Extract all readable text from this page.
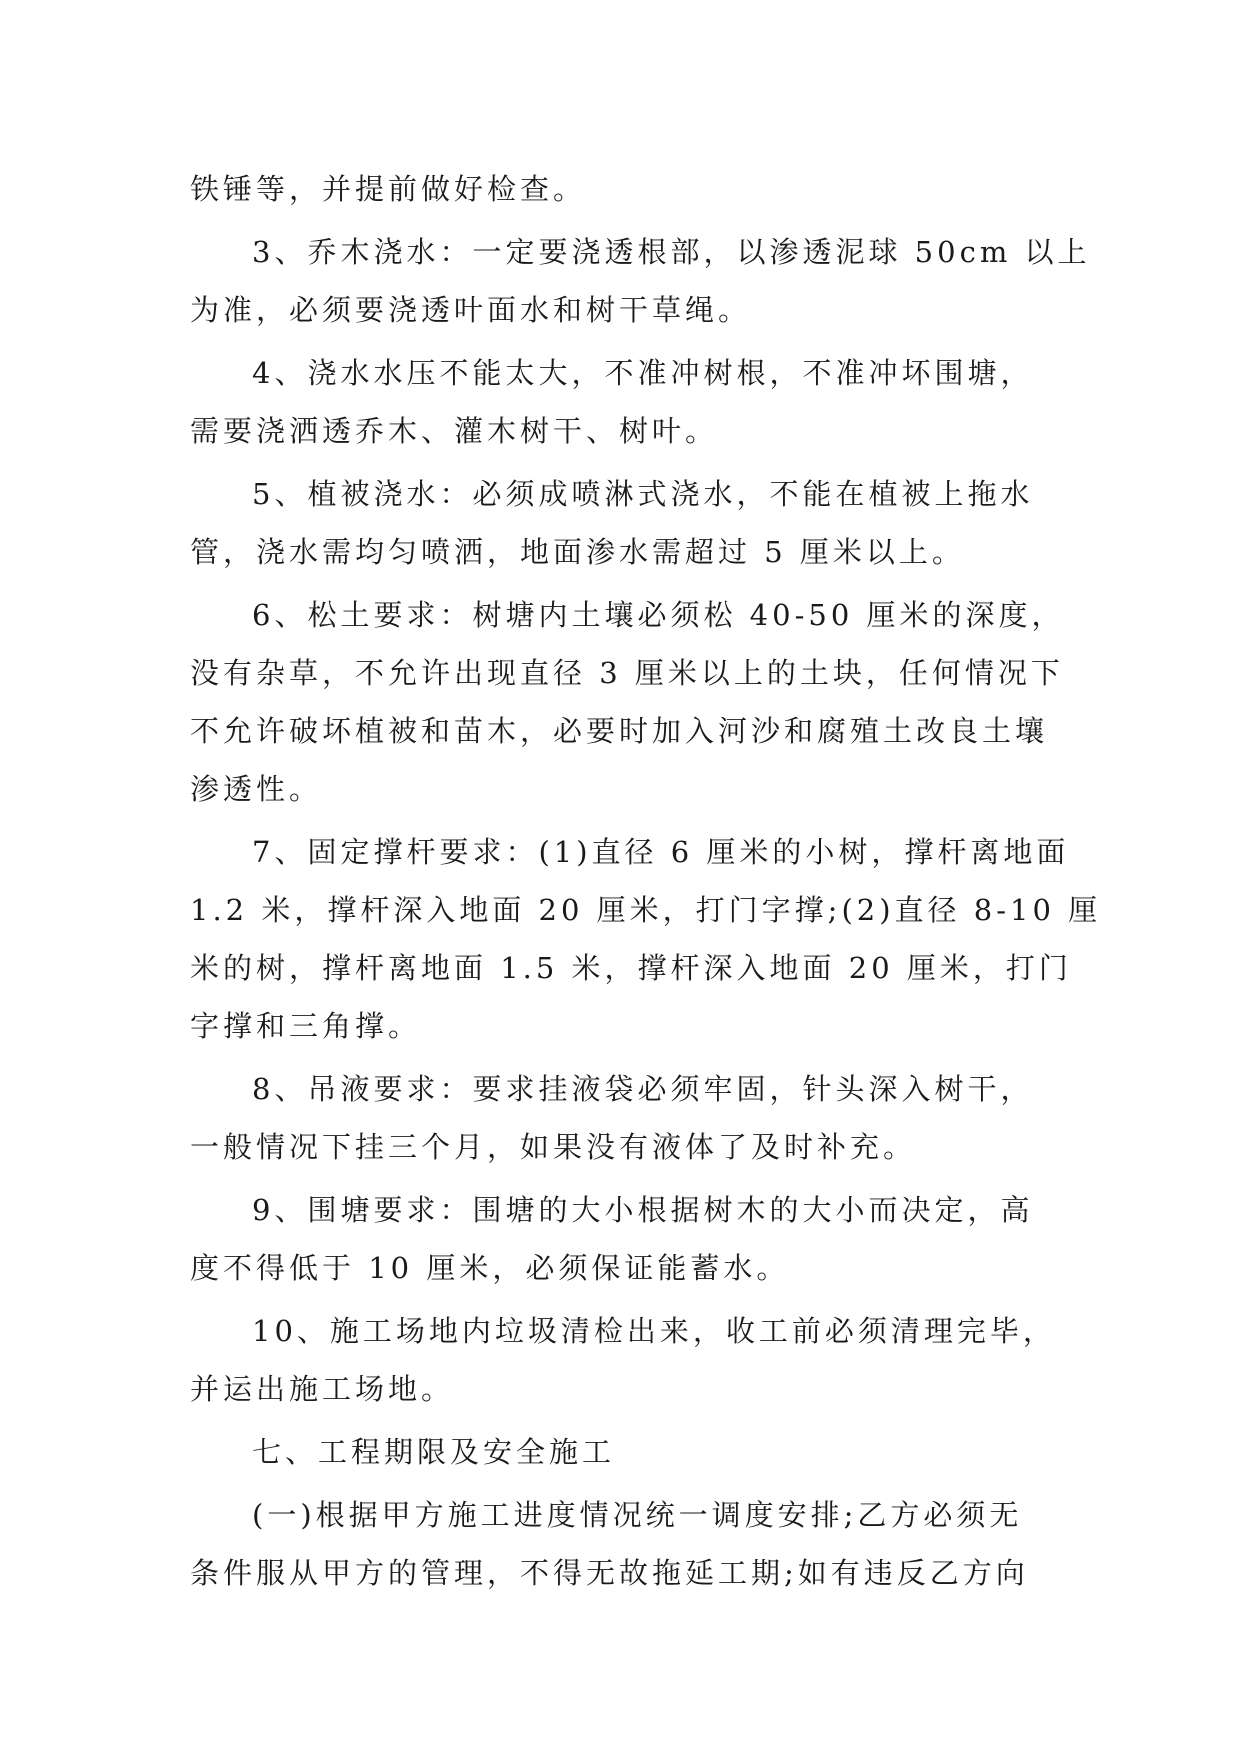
铁锤等，并提前做好检查。
3、乔木浇水：一定要浇透根部，以渗透泥球 50cm 以上
为准，必须要浇透叶面水和树干草绳。
4、浇水水压不能太大，不准冲树根，不准冲坏围塘，
需要浇洒透乔木、灌木树干、树叶。
5、植被浇水：必须成喷淋式浇水，不能在植被上拖水
管，浇水需均匀喷洒，地面渗水需超过 5 厘米以上。
6、松土要求：树塘内土壤必须松 40-50 厘米的深度，
没有杂草，不允许出现直径 3 厘米以上的土块，任何情况下
不允许破坏植被和苗木，必要时加入河沙和腐殖土改良土壤
渗透性。
7、固定撑杆要求：(1)直径 6 厘米的小树，撑杆离地面
1.2 米，撑杆深入地面 20 厘米，打门字撑;(2)直径 8-10 厘
米的树，撑杆离地面 1.5 米，撑杆深入地面 20 厘米，打门
字撑和三角撑。
8、吊液要求：要求挂液袋必须牢固，针头深入树干，
一般情况下挂三个月，如果没有液体了及时补充。
9、围塘要求：围塘的大小根据树木的大小而决定，高
度不得低于 10 厘米，必须保证能蓄水。
10、施工场地内垃圾清检出来，收工前必须清理完毕，
并运出施工场地。
七、工程期限及安全施工
(一)根据甲方施工进度情况统一调度安排;乙方必须无
条件服从甲方的管理，不得无故拖延工期;如有违反乙方向
